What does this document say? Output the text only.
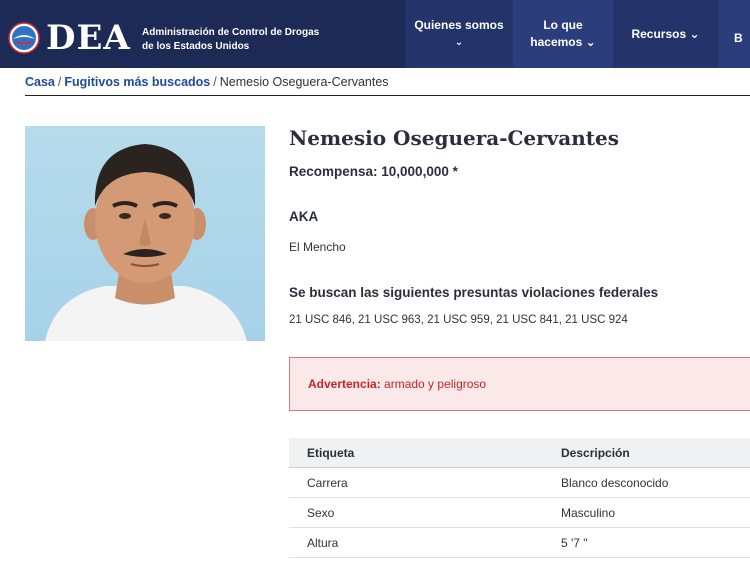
DEA Administración de Control de Drogas
de los Estados Unidos
Quienes somos
⌄
Lo que
hacemos ⌄
Recursos ⌄	B
Casa / Fugitivos más buscados / Nemesio Oseguera-Cervantes
Nemesio Oseguera-Cervantes
Recompensa: 10,000,000 *
AKA
El Mencho
Se buscan las siguientes presuntas violaciones federales
21 USC 846, 21 USC 963, 21 USC 959, 21 USC 841, 21 USC 924
Advertencia: armado y peligroso
Etiqueta	Descripción
Carrera	Blanco desconocido
Sexo	Masculino
Altura	5 '7 "
